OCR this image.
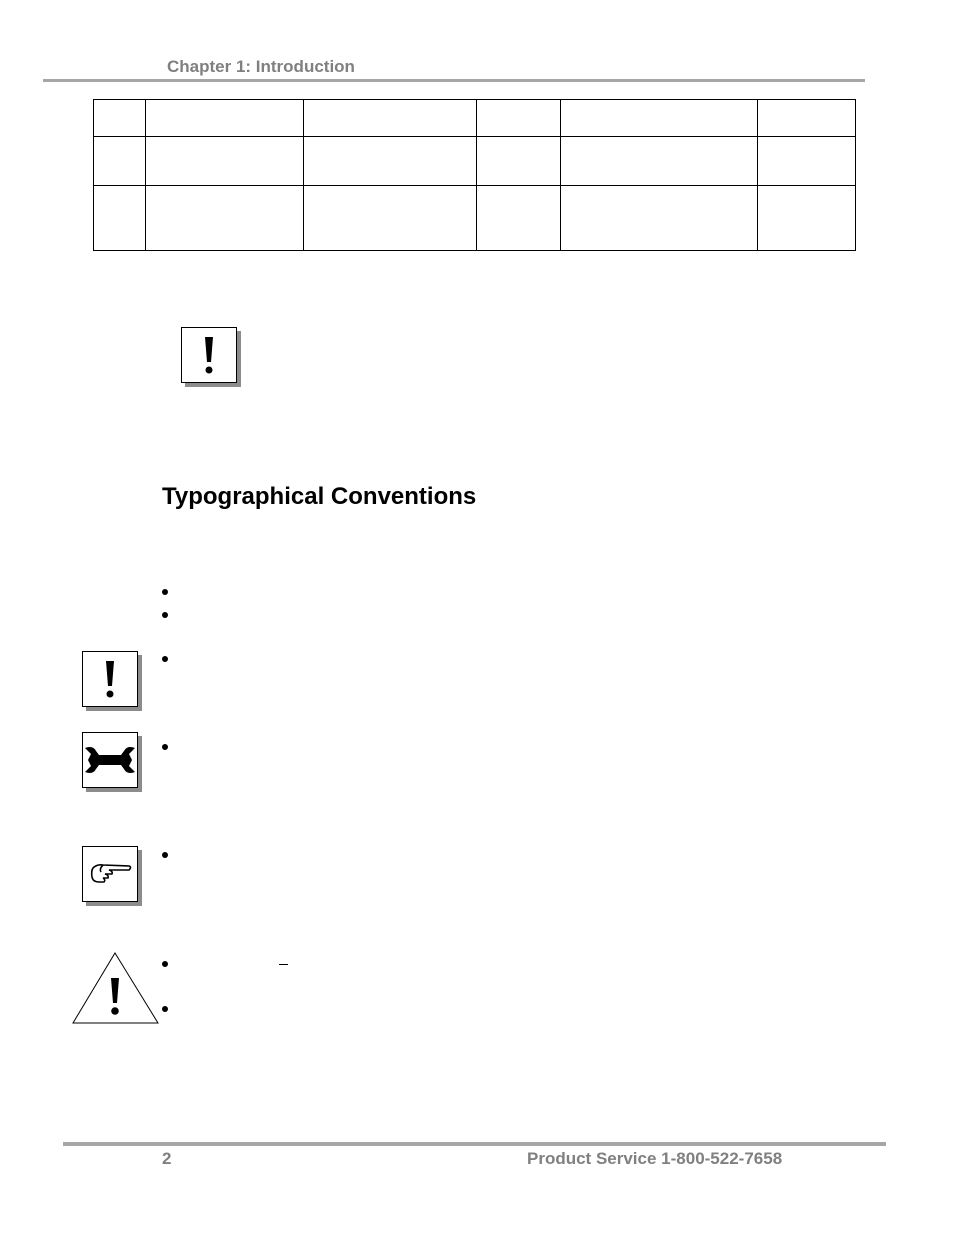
Chapter 1: Introduction

Typographical Conventions
2	Product Service 1-800-522-7658
